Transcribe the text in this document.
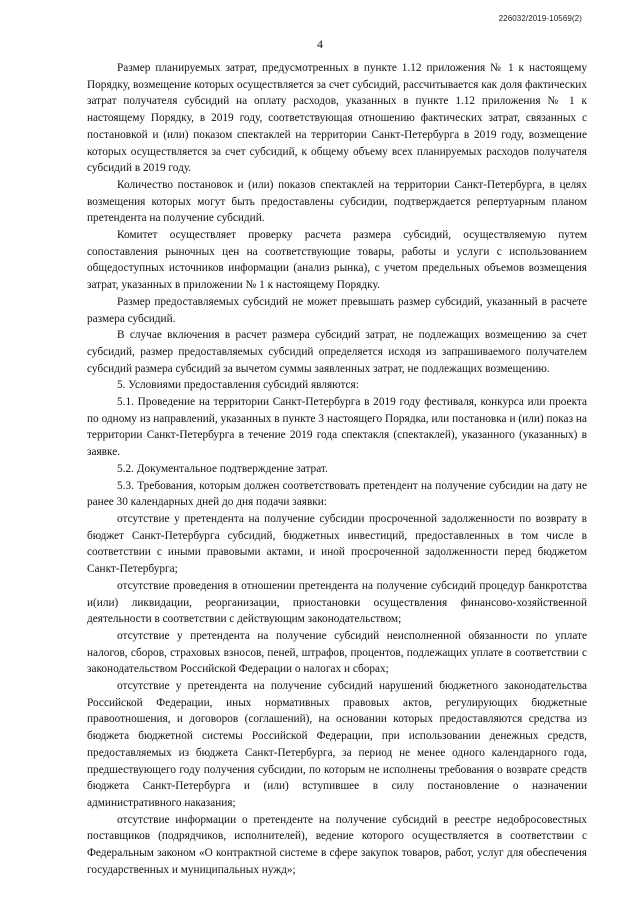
226032/2019-10569(2)
4

Размер планируемых затрат, предусмотренных в пункте 1.12 приложения № 1 к настоящему Порядку, возмещение которых осуществляется за счет субсидий, рассчитывается как доля фактических затрат получателя субсидий на оплату расходов, указанных в пункте 1.12 приложения № 1 к настоящему Порядку, в 2019 году, соответствующая отношению фактических затрат, связанных с постановкой и (или) показом спектаклей на территории Санкт-Петербурга в 2019 году, возмещение которых осуществляется за счет субсидий, к общему объему всех планируемых расходов получателя субсидий в 2019 году.

Количество постановок и (или) показов спектаклей на территории Санкт-Петербурга, в целях возмещения которых могут быть предоставлены субсидии, подтверждается репертуарным планом претендента на получение субсидий.

Комитет осуществляет проверку расчета размера субсидий, осуществляемую путем сопоставления рыночных цен на соответствующие товары, работы и услуги с использованием общедоступных источников информации (анализ рынка), с учетом предельных объемов возмещения затрат, указанных в приложении № 1 к настоящему Порядку.

Размер предоставляемых субсидий не может превышать размер субсидий, указанный в расчете размера субсидий.

В случае включения в расчет размера субсидий затрат, не подлежащих возмещению за счет субсидий, размер предоставляемых субсидий определяется исходя из запрашиваемого получателем субсидий размера субсидий за вычетом суммы заявленных затрат, не подлежащих возмещению.

5. Условиями предоставления субсидий являются:

5.1. Проведение на территории Санкт-Петербурга в 2019 году фестиваля, конкурса или проекта по одному из направлений, указанных в пункте 3 настоящего Порядка, или постановка и (или) показ на территории Санкт-Петербурга в течение 2019 года спектакля (спектаклей), указанного (указанных) в заявке.

5.2. Документальное подтверждение затрат.

5.3. Требования, которым должен соответствовать претендент на получение субсидии на дату не ранее 30 календарных дней до дня подачи заявки:

отсутствие у претендента на получение субсидии просроченной задолженности по возврату в бюджет Санкт-Петербурга субсидий, бюджетных инвестиций, предоставленных в том числе в соответствии с иными правовыми актами, и иной просроченной задолженности перед бюджетом Санкт-Петербурга;

отсутствие проведения в отношении претендента на получение субсидий процедур банкротства и(или) ликвидации, реорганизации, приостановки осуществления финансово-хозяйственной деятельности в соответствии с действующим законодательством;

отсутствие у претендента на получение субсидий неисполненной обязанности по уплате налогов, сборов, страховых взносов, пеней, штрафов, процентов, подлежащих уплате в соответствии с законодательством Российской Федерации о налогах и сборах;

отсутствие у претендента на получение субсидий нарушений бюджетного законодательства Российской Федерации, иных нормативных правовых актов, регулирующих бюджетные правоотношения, и договоров (соглашений), на основании которых предоставляются средства из бюджета бюджетной системы Российской Федерации, при использовании денежных средств, предоставляемых из бюджета Санкт-Петербурга, за период не менее одного календарного года, предшествующего году получения субсидии, по которым не исполнены требования о возврате средств бюджета Санкт-Петербурга и (или) вступившее в силу постановление о назначении административного наказания;

отсутствие информации о претенденте на получение субсидий в реестре недобросовестных поставщиков (подрядчиков, исполнителей), ведение которого осуществляется в соответствии с Федеральным законом «О контрактной системе в сфере закупок товаров, работ, услуг для обеспечения государственных и муниципальных нужд»;
